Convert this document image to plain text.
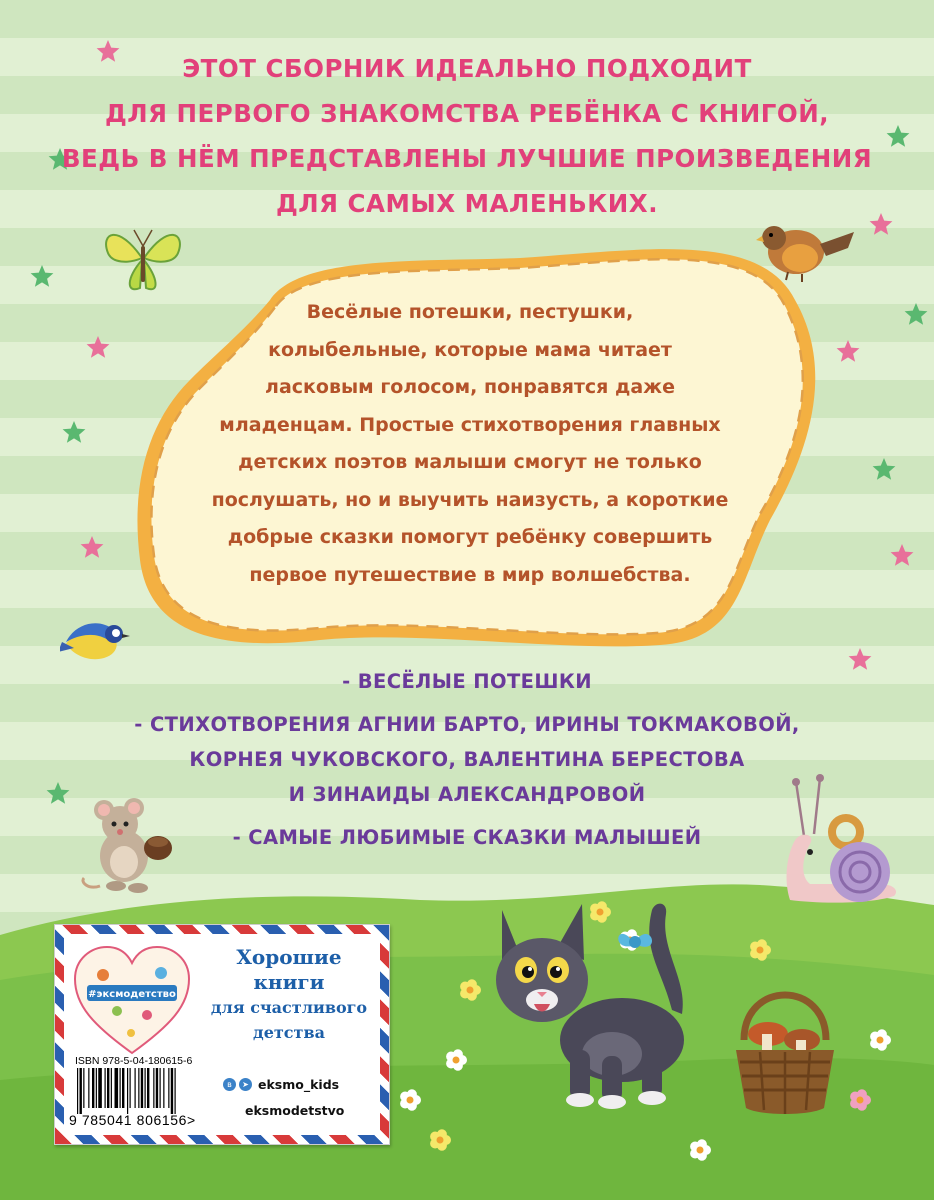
ЭТОТ СБОРНИК ИДЕАЛЬНО ПОДХОДИТ
ДЛЯ ПЕРВОГО ЗНАКОМСТВА РЕБЁНКА С КНИГОЙ,
ВЕДЬ В НЁМ ПРЕДСТАВЛЕНЫ ЛУЧШИЕ ПРОИЗВЕДЕНИЯ
ДЛЯ САМЫХ МАЛЕНЬКИХ.
Весёлые потешки, пестушки,
колыбельные, которые мама читает
ласковым голосом, понравятся даже
младенцам. Простые стихотворения главных
детских поэтов малыши смогут не только
послушать, но и выучить наизусть, а короткие
добрые сказки помогут ребёнку совершить
первое путешествие в мир волшебства.
- ВЕСЁЛЫЕ ПОТЕШКИ
- СТИХОТВОРЕНИЯ АГНИИ БАРТО, ИРИНЫ ТОКМАКОВОЙ,
КОРНЕЯ ЧУКОВСКОГО, ВАЛЕНТИНА БЕРЕСТОВА
И ЗИНАИДЫ АЛЕКСАНДРОВОЙ
- САМЫЕ ЛЮБИМЫЕ СКАЗКИ МАЛЫШЕЙ
#эксмодетство
Хорошие
книги
для счастливого
детства
ISBN 978-5-04-180615-6
9 785041 806156>
в	➤ eksmo_kids
eksmodetstvo
